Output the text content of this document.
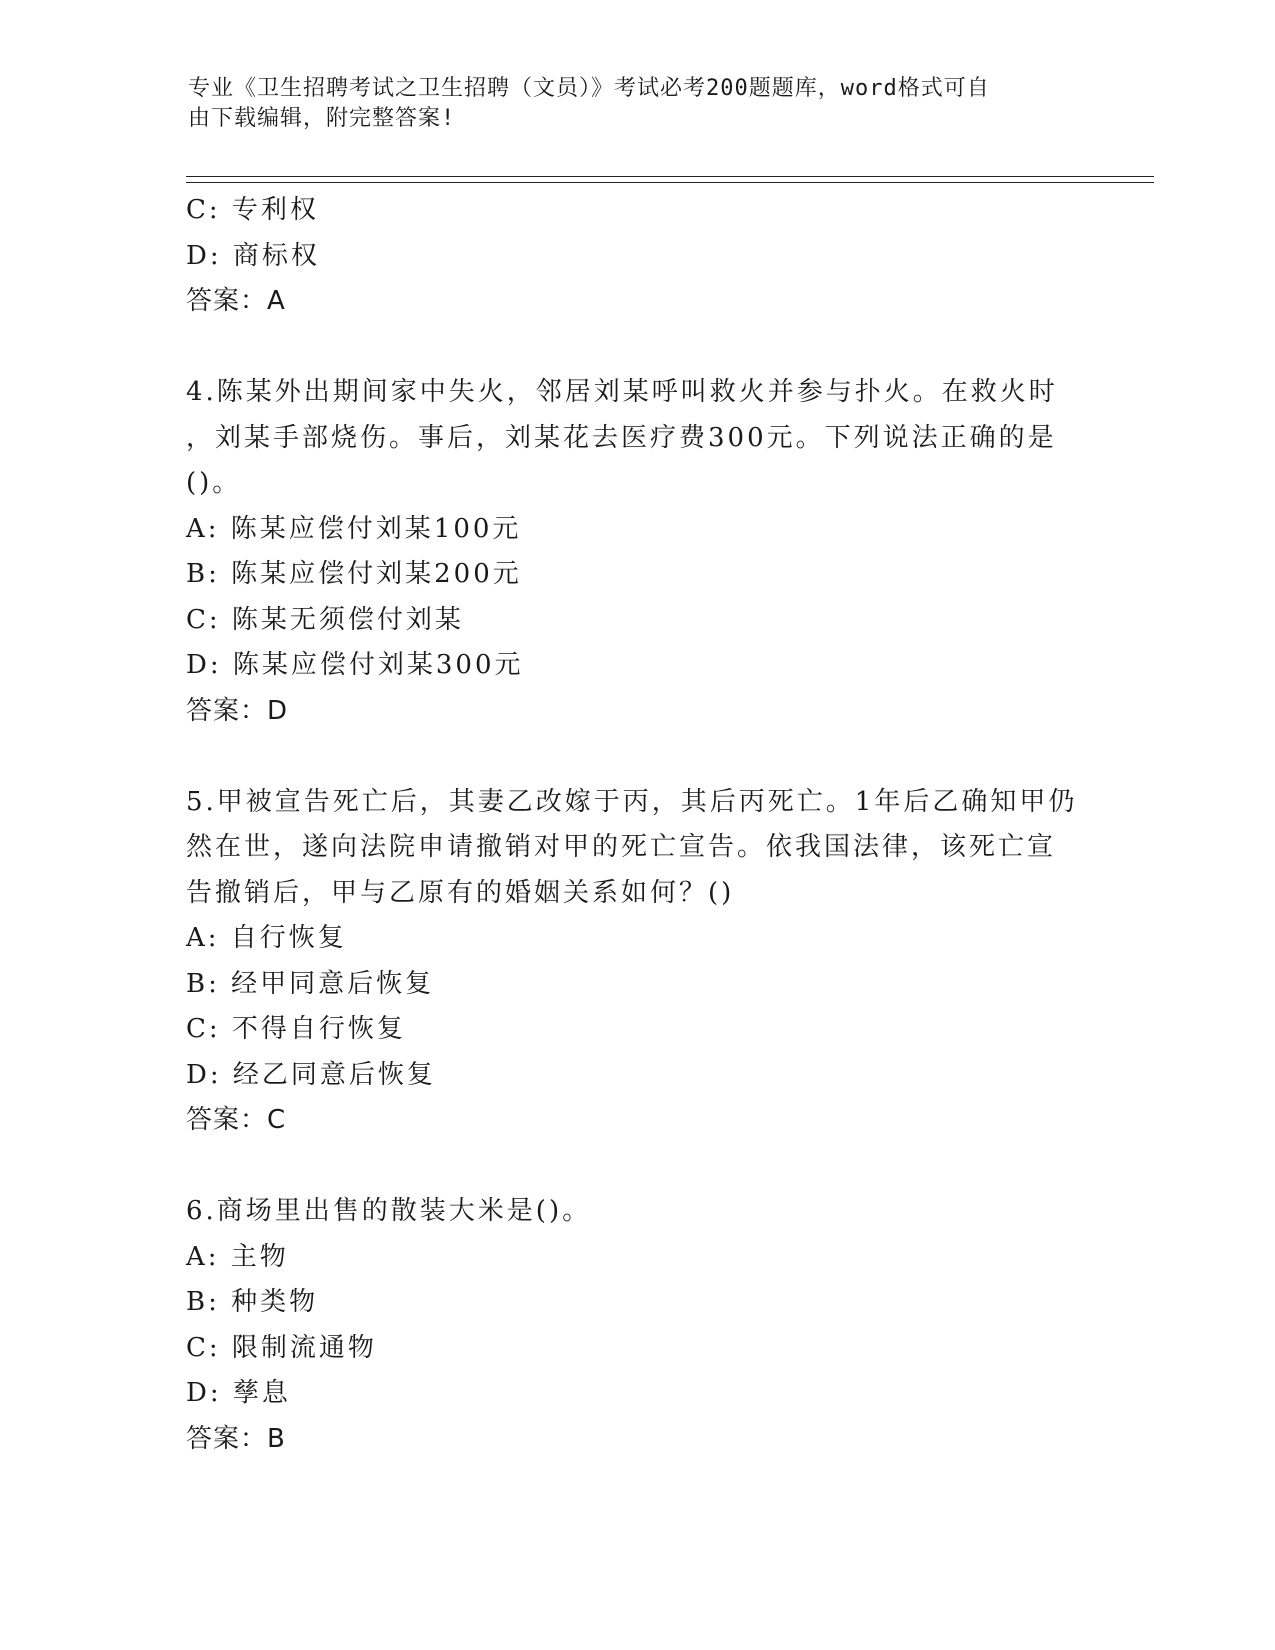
专业《卫生招聘考试之卫生招聘（文员）》考试必考200题题库，word格式可自
由下载编辑，附完整答案!
C: 专利权
D: 商标权
答案：A
4.陈某外出期间家中失火，邻居刘某呼叫救火并参与扑火。在救火时
，刘某手部烧伤。事后，刘某花去医疗费300元。下列说法正确的是
()。
A: 陈某应偿付刘某100元
B: 陈某应偿付刘某200元
C: 陈某无须偿付刘某
D: 陈某应偿付刘某300元
答案：D
5.甲被宣告死亡后，其妻乙改嫁于丙，其后丙死亡。1年后乙确知甲仍
然在世，遂向法院申请撤销对甲的死亡宣告。依我国法律，该死亡宣
告撤销后，甲与乙原有的婚姻关系如何？()
A: 自行恢复
B: 经甲同意后恢复
C: 不得自行恢复
D: 经乙同意后恢复
答案：C
6.商场里出售的散装大米是()。
A: 主物
B: 种类物
C: 限制流通物
D: 孳息
答案：B
